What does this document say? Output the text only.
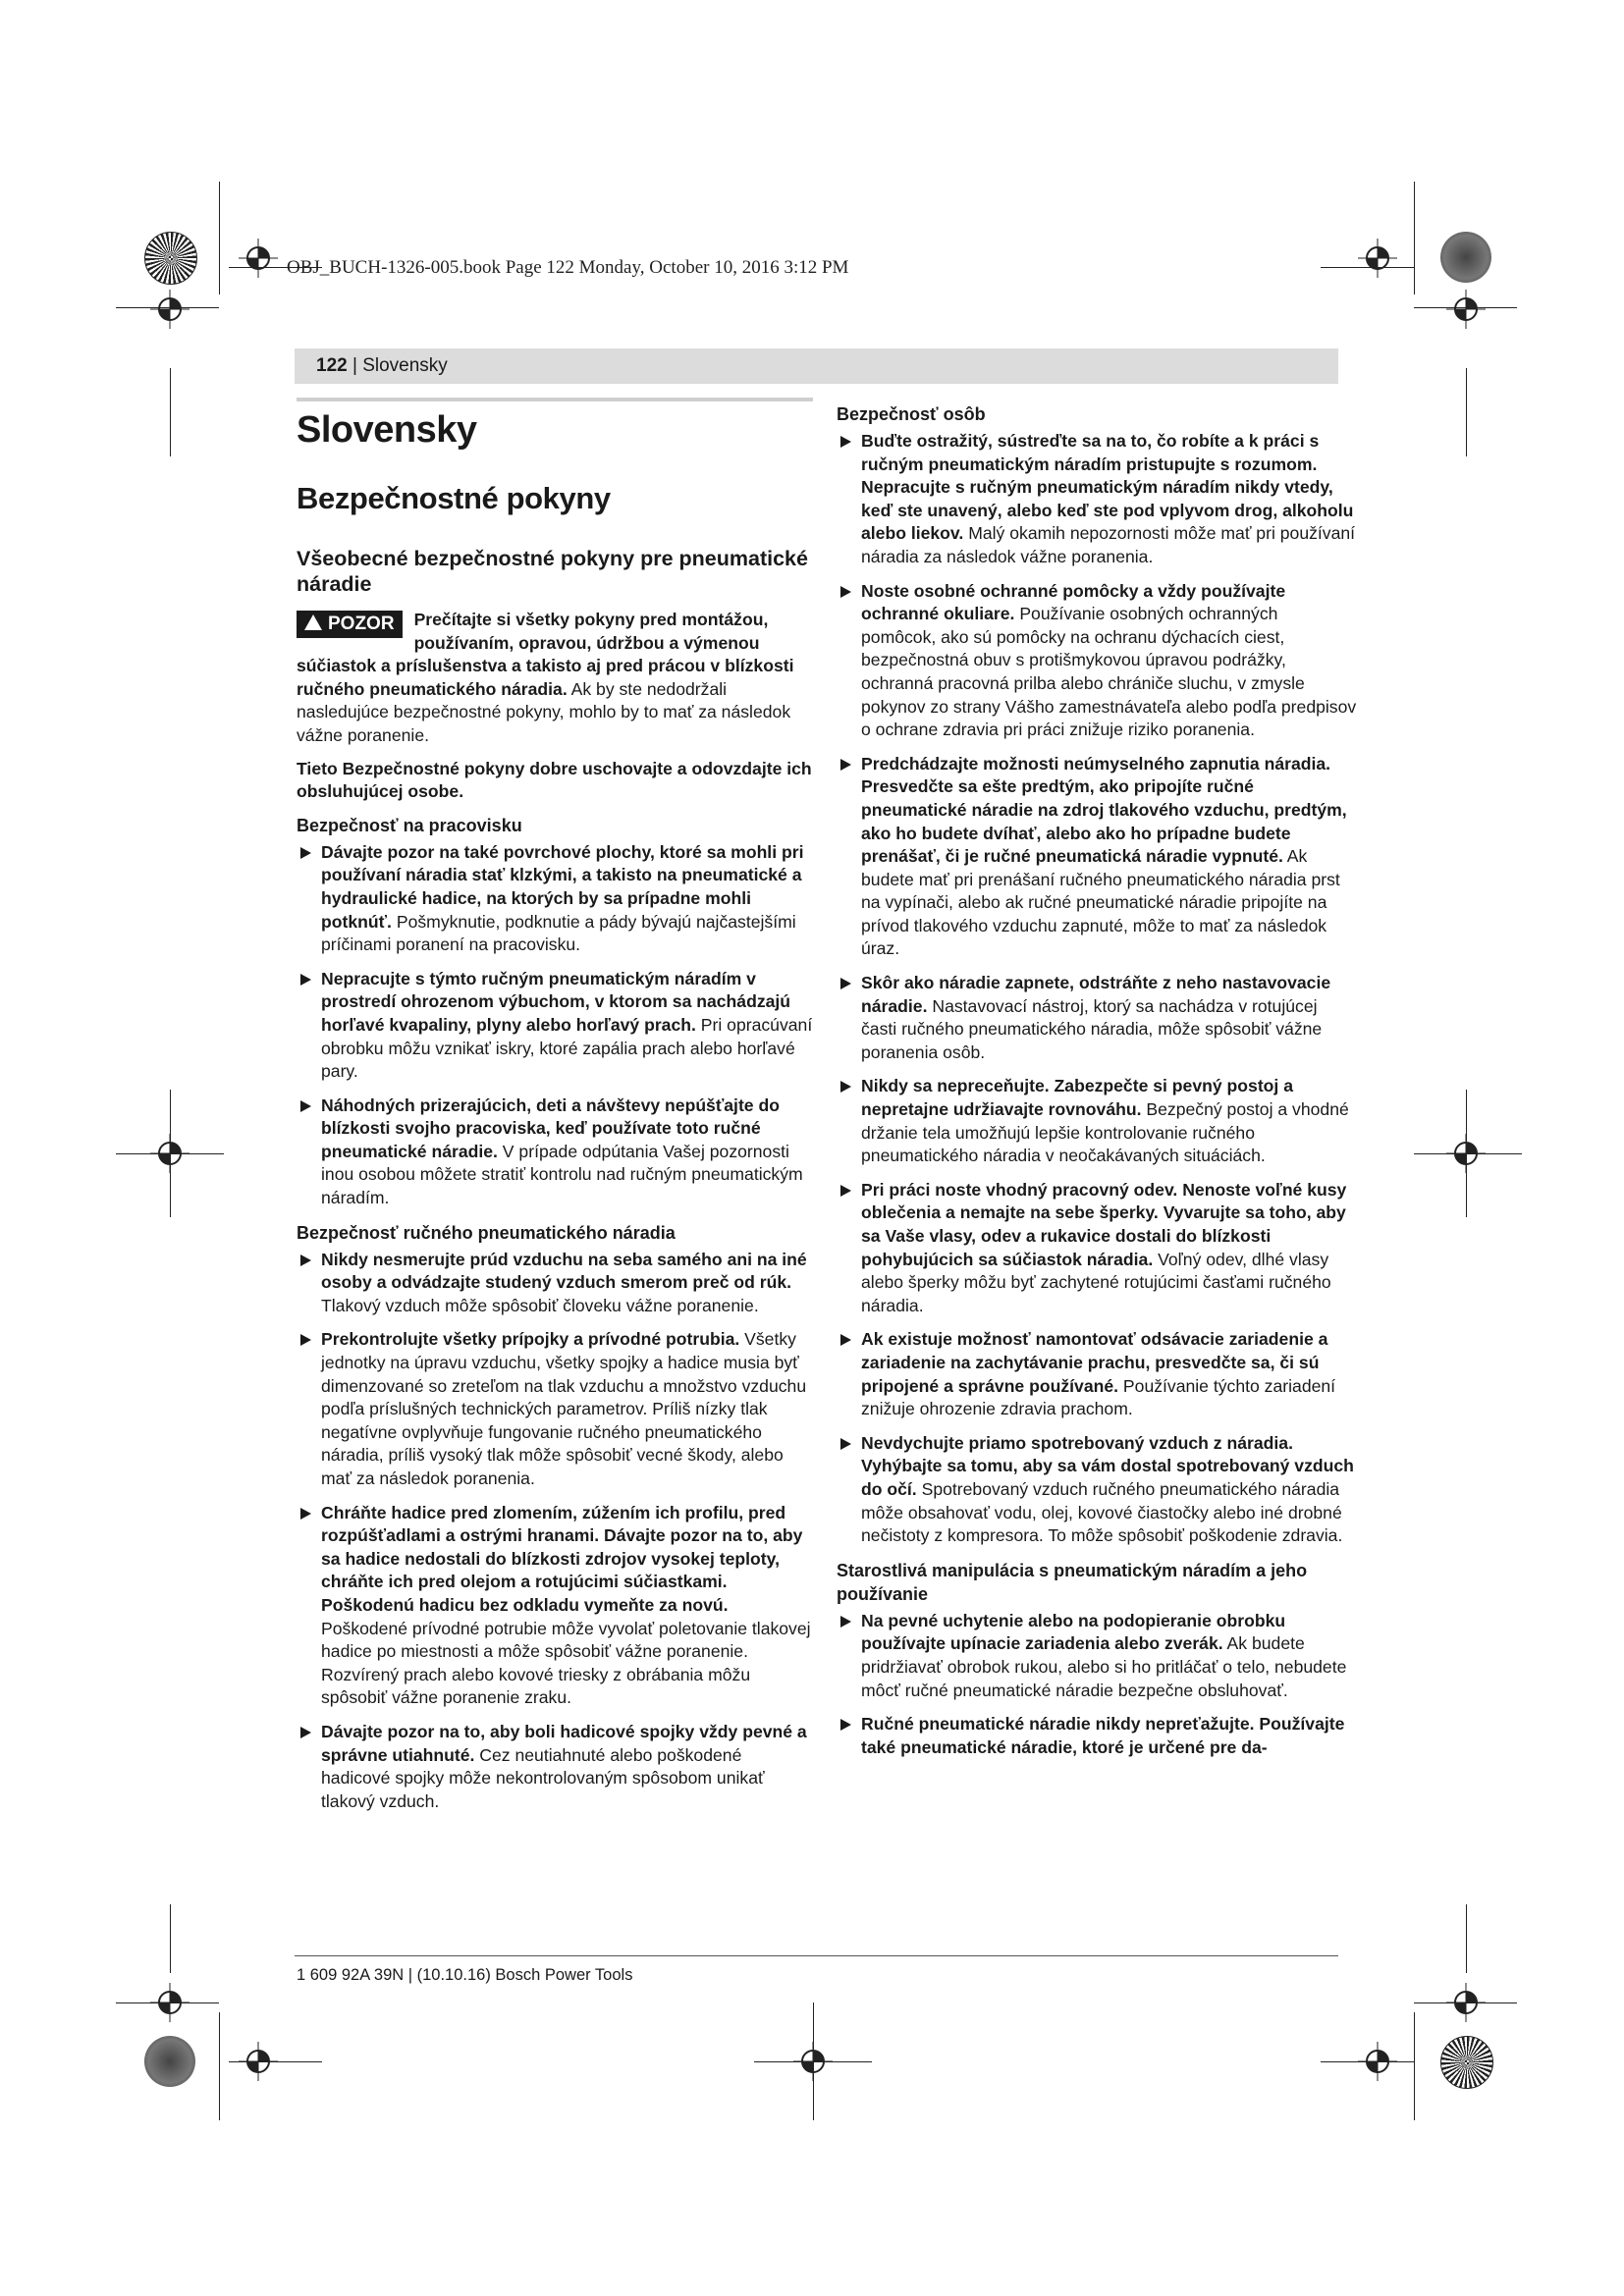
OBJ_BUCH-1326-005.book Page 122 Monday, October 10, 2016 3:12 PM
122 | Slovensky
Slovensky
Bezpečnostné pokyny
Všeobecné bezpečnostné pokyny pre pneumatické náradie
POZOR	Prečítajte si všetky pokyny pred montážou, používaním, opravou, údržbou a výmenou súčiastok a príslušenstva a takisto aj pred prácou v blízkosti ručného pneumatického náradia. Ak by ste nedodržali nasledujúce bezpečnostné pokyny, mohlo by to mať za následok vážne poranenie.

Tieto Bezpečnostné pokyny dobre uschovajte a odovzdajte ich obsluhujúcej osobe.

Bezpečnosť na pracovisku
Dávajte pozor na také povrchové plochy, ktoré sa mohli pri používaní náradia stať klzkými, a takisto na pneumatické a hydraulické hadice, na ktorých by sa prípadne mohli potknúť. Pošmyknutie, podknutie a pády bývajú najčastejšími príčinami poranení na pracovisku.
Nepracujte s týmto ručným pneumatickým náradím v prostredí ohrozenom výbuchom, v ktorom sa nachádzajú horľavé kvapaliny, plyny alebo horľavý prach. Pri opracúvaní obrobku môžu vznikať iskry, ktoré zapália prach alebo horľavé pary.
Náhodných prizerajúcich, deti a návštevy nepúšťajte do blízkosti svojho pracoviska, keď používate toto ručné pneumatické náradie. V prípade odpútania Vašej pozornosti inou osobou môžete stratiť kontrolu nad ručným pneumatickým náradím.
Bezpečnosť ručného pneumatického náradia
Nikdy nesmerujte prúd vzduchu na seba samého ani na iné osoby a odvádzajte studený vzduch smerom preč od rúk. Tlakový vzduch môže spôsobiť človeku vážne poranenie.
Prekontrolujte všetky prípojky a prívodné potrubia. Všetky jednotky na úpravu vzduchu, všetky spojky a hadice musia byť dimenzované so zreteľom na tlak vzduchu a množstvo vzduchu podľa príslušných technických parametrov. Príliš nízky tlak negatívne ovplyvňuje fungovanie ručného pneumatického náradia, príliš vysoký tlak môže spôsobiť vecné škody, alebo mať za následok poranenia.
Chráňte hadice pred zlomením, zúžením ich profilu, pred rozpúšťadlami a ostrými hranami. Dávajte pozor na to, aby sa hadice nedostali do blízkosti zdrojov vysokej teploty, chráňte ich pred olejom a rotujúcimi súčiastkami. Poškodenú hadicu bez odkladu vymeňte za novú. Poškodené prívodné potrubie môže vyvolať poletovanie tlakovej hadice po miestnosti a môže spôsobiť vážne poranenie. Rozvírený prach alebo kovové triesky z obrábania môžu spôsobiť vážne poranenie zraku.
Dávajte pozor na to, aby boli hadicové spojky vždy pevné a správne utiahnuté. Cez neutiahnuté alebo poškodené hadicové spojky môže nekontrolovaným spôsobom unikať tlakový vzduch.
Bezpečnosť osôb
Buďte ostražitý, sústreďte sa na to, čo robíte a k práci s ručným pneumatickým náradím pristupujte s rozumom. Nepracujte s ručným pneumatickým náradím nikdy vtedy, keď ste unavený, alebo keď ste pod vplyvom drog, alkoholu alebo liekov. Malý okamih nepozornosti môže mať pri používaní náradia za následok vážne poranenia.
Noste osobné ochranné pomôcky a vždy používajte ochranné okuliare. Používanie osobných ochranných pomôcok, ako sú pomôcky na ochranu dýchacích ciest, bezpečnostná obuv s protišmykovou úpravou podrážky, ochranná pracovná prilba alebo chrániče sluchu, v zmysle pokynov zo strany Vášho zamestnávateľa alebo podľa predpisov o ochrane zdravia pri práci znižuje riziko poranenia.
Predchádzajte možnosti neúmyselného zapnutia náradia. Presvedčte sa ešte predtým, ako pripojíte ručné pneumatické náradie na zdroj tlakového vzduchu, predtým, ako ho budete dvíhať, alebo ako ho prípadne budete prenášať, či je ručné pneumatická náradie vypnuté. Ak budete mať pri prenášaní ručného pneumatického náradia prst na vypínači, alebo ak ručné pneumatické náradie pripojíte na prívod tlakového vzduchu zapnuté, môže to mať za následok úraz.
Skôr ako náradie zapnete, odstráňte z neho nastavovacie náradie. Nastavovací nástroj, ktorý sa nachádza v rotujúcej časti ručného pneumatického náradia, môže spôsobiť vážne poranenia osôb.
Nikdy sa nepreceňujte. Zabezpečte si pevný postoj a nepretajne udržiavajte rovnováhu. Bezpečný postoj a vhodné držanie tela umožňujú lepšie kontrolovanie ručného pneumatického náradia v neočakávaných situáciách.
Pri práci noste vhodný pracovný odev. Nenoste voľné kusy oblečenia a nemajte na sebe šperky. Vyvarujte sa toho, aby sa Vaše vlasy, odev a rukavice dostali do blízkosti pohybujúcich sa súčiastok náradia. Voľný odev, dlhé vlasy alebo šperky môžu byť zachytené rotujúcimi časťami ručného náradia.
Ak existuje možnosť namontovať odsávacie zariadenie a zariadenie na zachytávanie prachu, presvedčte sa, či sú pripojené a správne používané. Používanie týchto zariadení znižuje ohrozenie zdravia prachom.
Nevdychujte priamo spotrebovaný vzduch z náradia. Vyhýbajte sa tomu, aby sa vám dostal spotrebovaný vzduch do očí. Spotrebovaný vzduch ručného pneumatického náradia môže obsahovať vodu, olej, kovové čiastočky alebo iné drobné nečistoty z kompresora. To môže spôsobiť poškodenie zdravia.
Starostlivá manipulácia s pneumatickým náradím a jeho používanie
Na pevné uchytenie alebo na podopieranie obrobku používajte upínacie zariadenia alebo zverák. Ak budete pridržiavať obrobok rukou, alebo si ho pritláčať o telo, nebudete môcť ručné pneumatické náradie bezpečne obsluhovať.
Ručné pneumatické náradie nikdy nepreťažujte. Používajte také pneumatické náradie, ktoré je určené pre da-
1 609 92A 39N | (10.10.16) Bosch Power Tools
